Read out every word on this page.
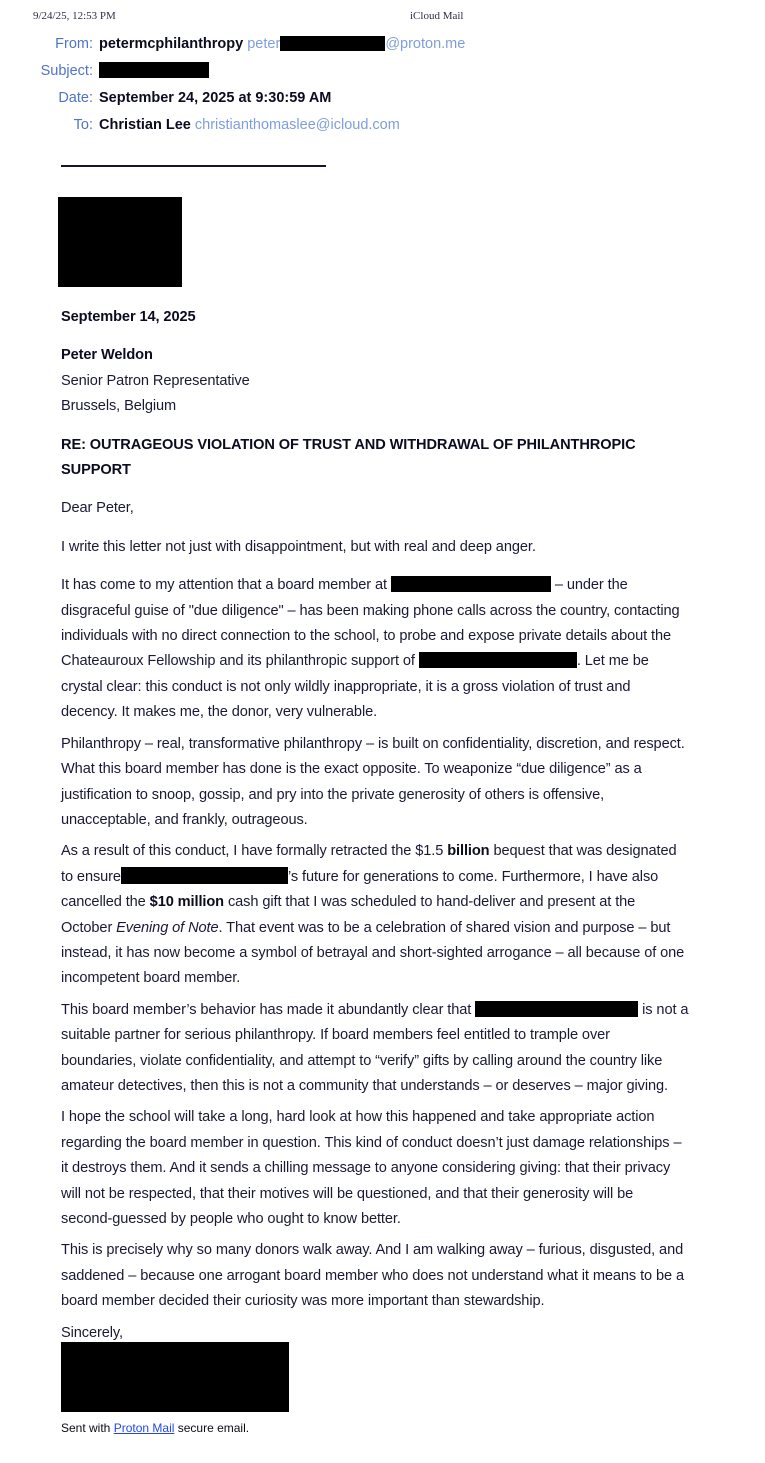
9/24/25, 12:53 PM	iCloud Mail
From: petermcphilanthropy peter	@proton.me
Subject:
Date: September 24, 2025 at 9:30:59 AM
To: Christian Lee christianthomaslee@icloud.com
September 14, 2025
Peter Weldon
Senior Patron Representative
Brussels, Belgium
RE: OUTRAGEOUS VIOLATION OF TRUST AND WITHDRAWAL OF PHILANTHROPIC
SUPPORT
Dear Peter,
I write this letter not just with disappointment, but with real and deep anger.
It has come to my attention that a board member at	– under the
disgraceful guise of "due diligence" – has been making phone calls across the country, contacting
individuals with no direct connection to the school, to probe and expose private details about the
Chateauroux Fellowship and its philanthropic support of	. Let me be
crystal clear: this conduct is not only wildly inappropriate, it is a gross violation of trust and
decency. It makes me, the donor, very vulnerable.
Philanthropy – real, transformative philanthropy – is built on confidentiality, discretion, and respect.
What this board member has done is the exact opposite. To weaponize “due diligence” as a
justification to snoop, gossip, and pry into the private generosity of others is offensive,
unacceptable, and frankly, outrageous.
As a result of this conduct, I have formally retracted the $1.5 billion bequest that was designated
to ensure	’s future for generations to come. Furthermore, I have also
cancelled the $10 million cash gift that I was scheduled to hand-deliver and present at the
October Evening of Note. That event was to be a celebration of shared vision and purpose – but
instead, it has now become a symbol of betrayal and short-sighted arrogance – all because of one
incompetent board member.
This board member’s behavior has made it abundantly clear that	is not a
suitable partner for serious philanthropy. If board members feel entitled to trample over
boundaries, violate confidentiality, and attempt to “verify” gifts by calling around the country like
amateur detectives, then this is not a community that understands – or deserves – major giving.
I hope the school will take a long, hard look at how this happened and take appropriate action
regarding the board member in question. This kind of conduct doesn’t just damage relationships –
it destroys them. And it sends a chilling message to anyone considering giving: that their privacy
will not be respected, that their motives will be questioned, and that their generosity will be
second-guessed by people who ought to know better.
This is precisely why so many donors walk away. And I am walking away – furious, disgusted, and
saddened – because one arrogant board member who does not understand what it means to be a
board member decided their curiosity was more important than stewardship.
Sincerely,
Sent with Proton Mail secure email.
